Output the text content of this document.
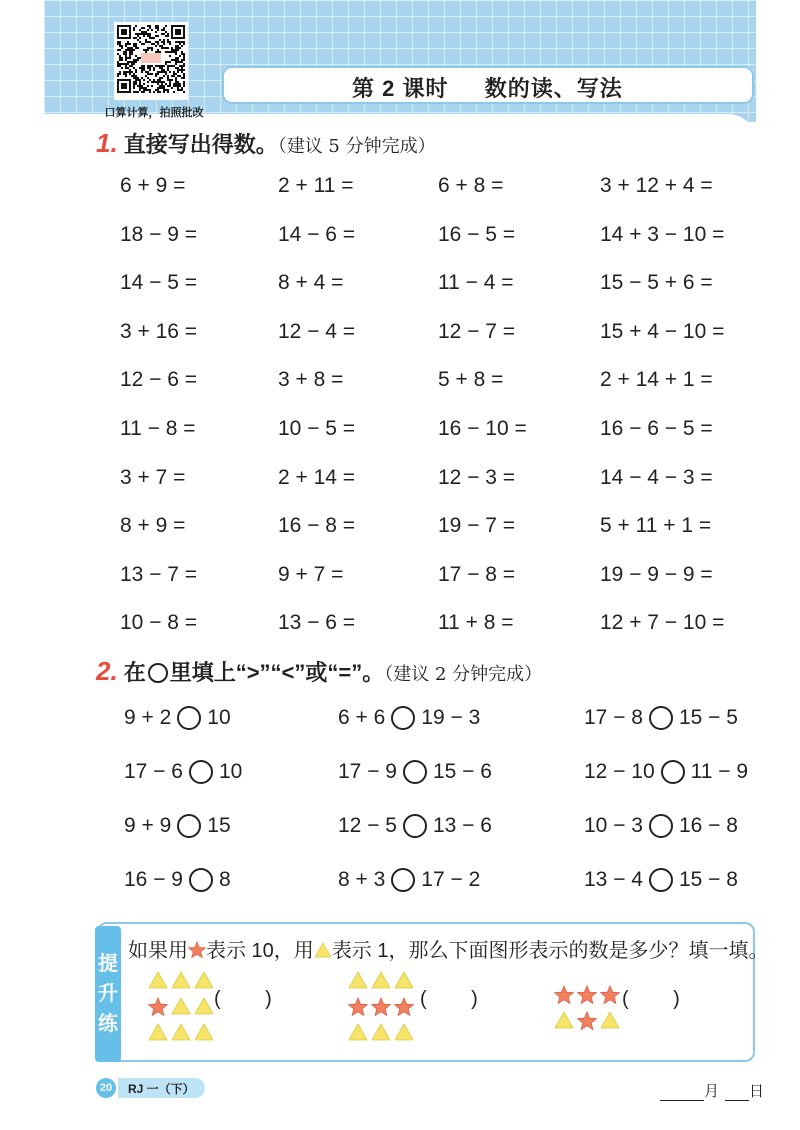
口算计算，拍照批改
第 2 课时 数的读、写法
1. 直接写出得数。（建议 5 分钟完成）
6 + 9 =	2 + 11 =	6 + 8 =	3 + 12 + 4 =
18 − 9 =	14 − 6 =	16 − 5 =	14 + 3 − 10 =
14 − 5 =	8 + 4 =	11 − 4 =	15 − 5 + 6 =
3 + 16 =	12 − 4 =	12 − 7 =	15 + 4 − 10 =
12 − 6 =	3 + 8 =	5 + 8 =	2 + 14 + 1 =
11 − 8 =	10 − 5 =	16 − 10 =	16 − 6 − 5 =
3 + 7 =	2 + 14 =	12 − 3 =	14 − 4 − 3 =
8 + 9 =	16 − 8 =	19 − 7 =	5 + 11 + 1 =
13 − 7 =	9 + 7 =	17 − 8 =	19 − 9 − 9 =
10 − 8 =	13 − 6 =	11 + 8 =	12 + 7 − 10 =
2. 在 里填上“>”“<”或“=”。（建议 2 分钟完成）
9 + 2 10	6 + 6 19 − 3	17 − 8 15 − 5
17 − 6 10	17 − 9 15 − 6	12 − 10 11 − 9
9 + 9 15	12 − 5 13 − 6	10 − 3 16 − 8
16 − 9 8	8 + 3 17 − 2	13 − 4 15 − 8
提
升
练
如果用 表示 10，用 表示 1，那么下面图形表示的数是多少？填一填。
(        )	(        )	(        )
20	RJ 一（下）	月	日
